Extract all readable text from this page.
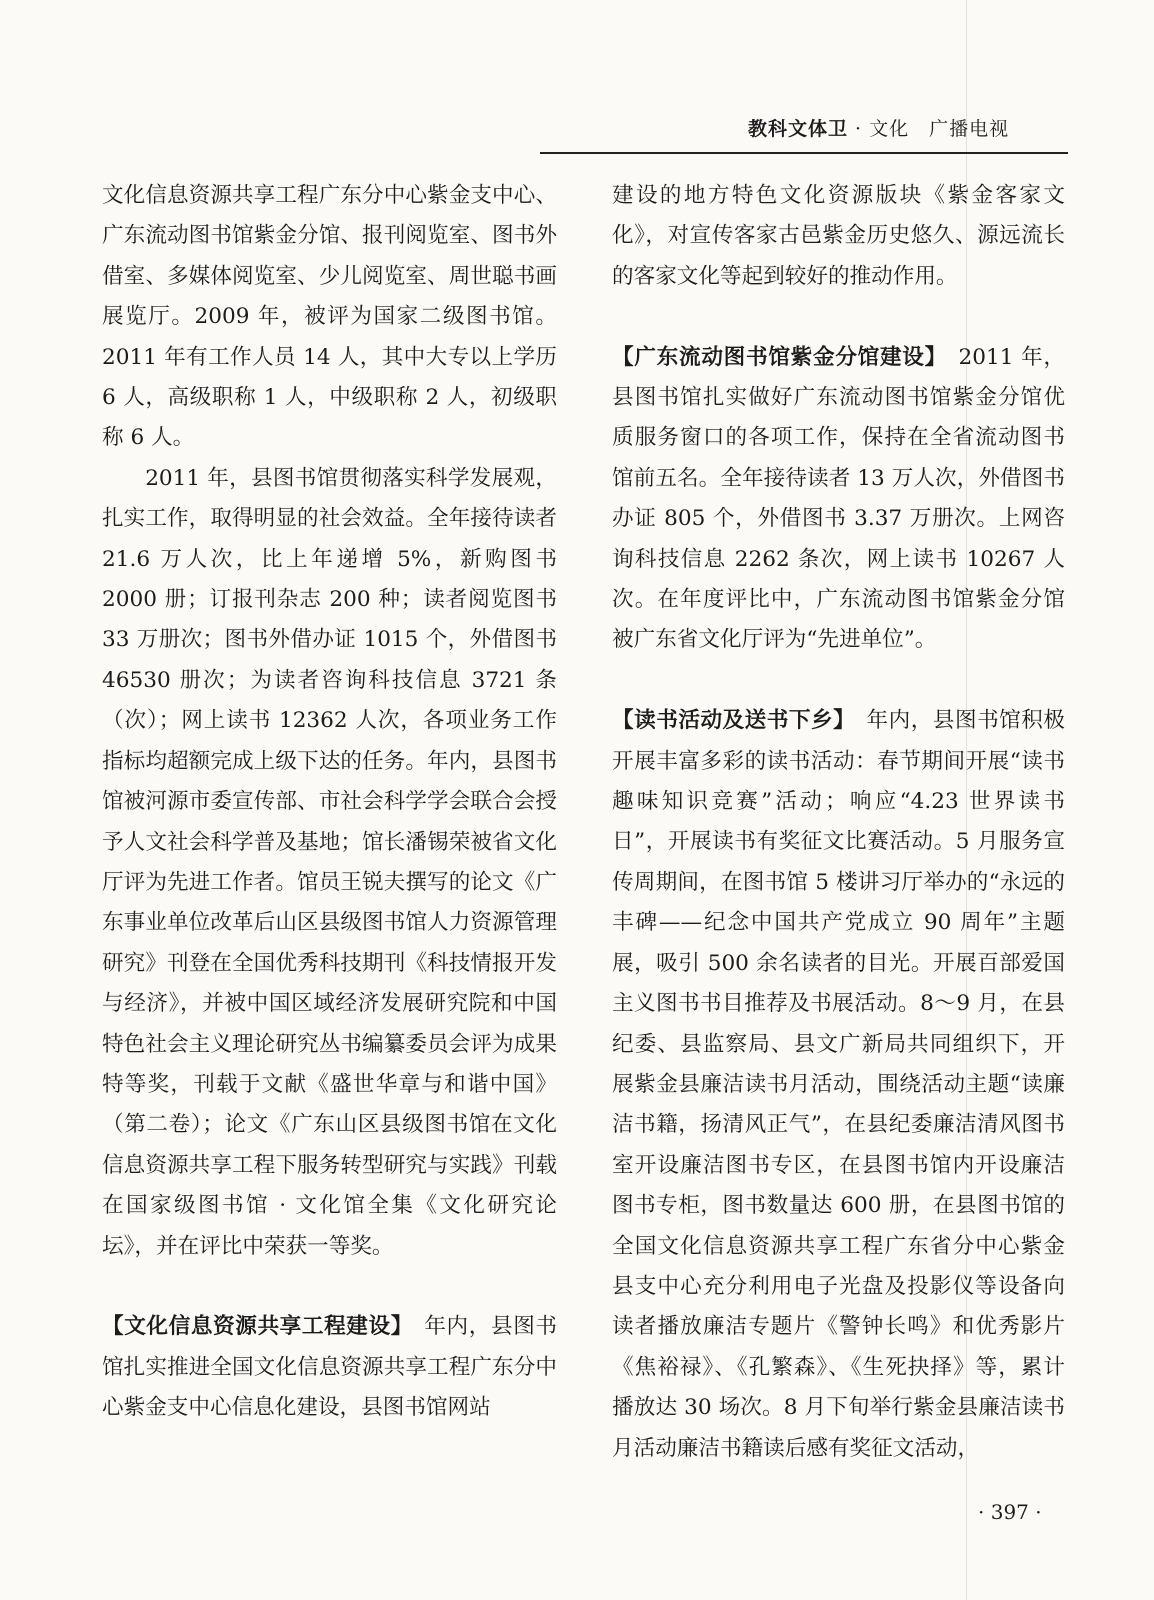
教科文体卫 · 文化　广播电视

文化信息资源共享工程广东分中心紫金支中心、广东流动图书馆紫金分馆、报刊阅览室、图书外借室、多媒体阅览室、少儿阅览室、周世聪书画展览厅。2009 年，被评为国家二级图书馆。2011 年有工作人员 14 人，其中大专以上学历 6 人，高级职称 1 人，中级职称 2 人，初级职称 6 人。

2011 年，县图书馆贯彻落实科学发展观，扎实工作，取得明显的社会效益。全年接待读者 21.6 万人次，比上年递增 5%，新购图书 2000 册；订报刊杂志 200 种；读者阅览图书 33 万册次；图书外借办证 1015 个，外借图书 46530 册次；为读者咨询科技信息 3721 条（次）；网上读书 12362 人次，各项业务工作指标均超额完成上级下达的任务。年内，县图书馆被河源市委宣传部、市社会科学学会联合会授予人文社会科学普及基地；馆长潘锡荣被省文化厅评为先进工作者。馆员王锐夫撰写的论文《广东事业单位改革后山区县级图书馆人力资源管理研究》刊登在全国优秀科技期刊《科技情报开发与经济》，并被中国区域经济发展研究院和中国特色社会主义理论研究丛书编纂委员会评为成果特等奖，刊载于文献《盛世华章与和谐中国》（第二卷）；论文《广东山区县级图书馆在文化信息资源共享工程下服务转型研究与实践》刊载在国家级图书馆 · 文化馆全集《文化研究论坛》，并在评比中荣获一等奖。

【文化信息资源共享工程建设】　年内，县图书馆扎实推进全国文化信息资源共享工程广东分中心紫金支中心信息化建设，县图书馆网站

建设的地方特色文化资源版块《紫金客家文化》，对宣传客家古邑紫金历史悠久、源远流长的客家文化等起到较好的推动作用。

【广东流动图书馆紫金分馆建设】　2011 年，县图书馆扎实做好广东流动图书馆紫金分馆优质服务窗口的各项工作，保持在全省流动图书馆前五名。全年接待读者 13 万人次，外借图书办证 805 个，外借图书 3.37 万册次。上网咨询科技信息 2262 条次，网上读书 10267 人次。在年度评比中，广东流动图书馆紫金分馆被广东省文化厅评为“先进单位”。

【读书活动及送书下乡】　年内，县图书馆积极开展丰富多彩的读书活动：春节期间开展“读书趣味知识竞赛”活动；响应“4.23 世界读书日”，开展读书有奖征文比赛活动。5 月服务宣传周期间，在图书馆 5 楼讲习厅举办的“永远的丰碑——纪念中国共产党成立 90 周年”主题展，吸引 500 余名读者的目光。开展百部爱国主义图书书目推荐及书展活动。8～9 月，在县纪委、县监察局、县文广新局共同组织下，开展紫金县廉洁读书月活动，围绕活动主题“读廉洁书籍，扬清风正气”，在县纪委廉洁清风图书室开设廉洁图书专区，在县图书馆内开设廉洁图书专柜，图书数量达 600 册，在县图书馆的全国文化信息资源共享工程广东省分中心紫金县支中心充分利用电子光盘及投影仪等设备向读者播放廉洁专题片《警钟长鸣》和优秀影片《焦裕禄》、《孔繁森》、《生死抉择》等，累计播放达 30 场次。8 月下旬举行紫金县廉洁读书月活动廉洁书籍读后感有奖征文活动，

· 397 ·
